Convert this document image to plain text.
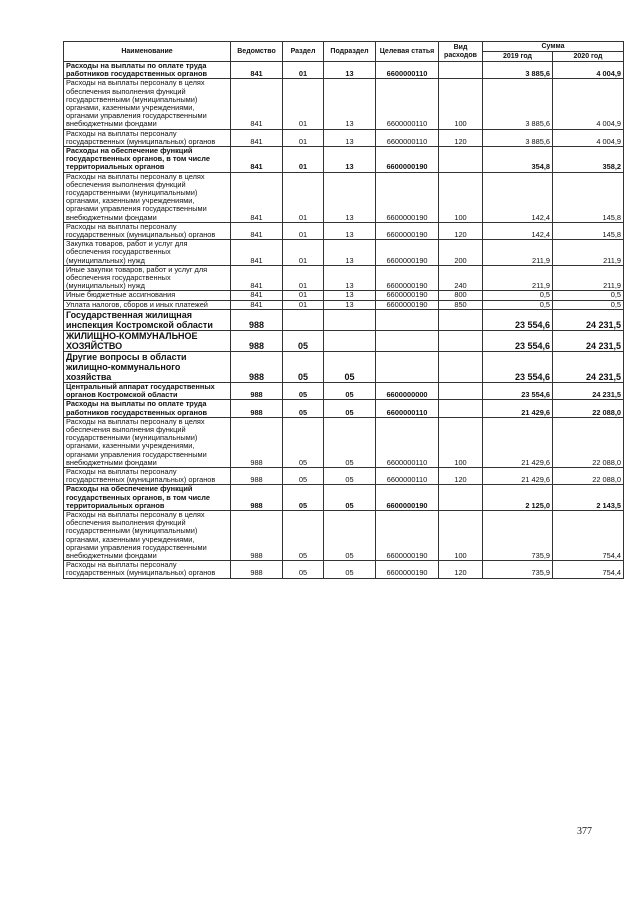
Наименование	Ведомство	Раздел	Подраздел	Целевая статья	Вид расходов	Сумма	
						2019 год	2020 год
Расходы на выплаты по оплате труда работников государственных органов	841	01	13	6600000110		3 885,6	4 004,9
Расходы на выплаты персоналу в целях обеспечения выполнения функций государственными (муниципальными) органами, казенными учреждениями, органами управления государственными внебюджетными фондами	841	01	13	6600000110	100	3 885,6	4 004,9
Расходы на выплаты персоналу государственных (муниципальных) органов	841	01	13	6600000110	120	3 885,6	4 004,9
Расходы на обеспечение функций государственных органов, в том числе территориальных органов	841	01	13	6600000190		354,8	358,2
Расходы на выплаты персоналу в целях обеспечения выполнения функций государственными (муниципальными) органами, казенными учреждениями, органами управления государственными внебюджетными фондами	841	01	13	6600000190	100	142,4	145,8
Расходы на выплаты персоналу государственных (муниципальных) органов	841	01	13	6600000190	120	142,4	145,8
Закупка товаров, работ и услуг для обеспечения государственных (муниципальных) нужд	841	01	13	6600000190	200	211,9	211,9
Иные закупки товаров, работ и услуг для обеспечения государственных (муниципальных) нужд	841	01	13	6600000190	240	211,9	211,9
Иные бюджетные ассигнования	841	01	13	6600000190	800	0,5	0,5
Уплата налогов, сборов и иных платежей	841	01	13	6600000190	850	0,5	0,5
Государственная жилищная инспекция Костромской области	988					23 554,6	24 231,5
ЖИЛИЩНО-КОММУНАЛЬНОЕ ХОЗЯЙСТВО	988	05				23 554,6	24 231,5
Другие вопросы в области жилищно-коммунального хозяйства	988	05	05			23 554,6	24 231,5
Центральный аппарат государственных органов Костромской области	988	05	05	6600000000		23 554,6	24 231,5
Расходы на выплаты по оплате труда работников государственных органов	988	05	05	6600000110		21 429,6	22 088,0
Расходы на выплаты персоналу в целях обеспечения выполнения функций государственными (муниципальными) органами, казенными учреждениями, органами управления государственными внебюджетными фондами	988	05	05	6600000110	100	21 429,6	22 088,0
Расходы на выплаты персоналу государственных (муниципальных) органов	988	05	05	6600000110	120	21 429,6	22 088,0
Расходы на обеспечение функций государственных органов, в том числе территориальных органов	988	05	05	6600000190		2 125,0	2 143,5
Расходы на выплаты персоналу в целях обеспечения выполнения функций государственными (муниципальными) органами, казенными учреждениями, органами управления государственными внебюджетными фондами	988	05	05	6600000190	100	735,9	754,4
Расходы на выплаты персоналу государственных (муниципальных) органов	988	05	05	6600000190	120	735,9	754,4
377
